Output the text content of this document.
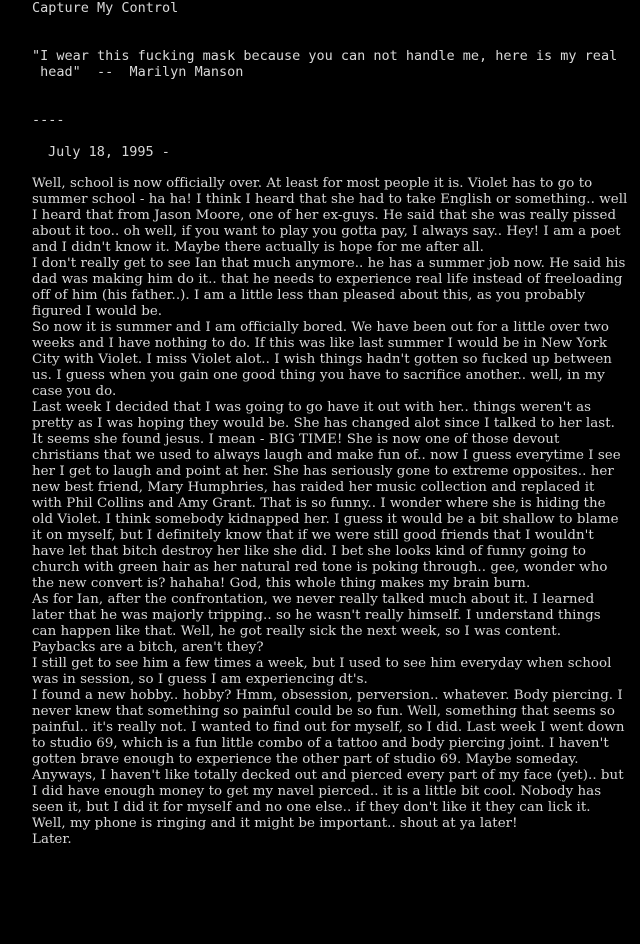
Capture My Control
"I wear this fucking mask because you can not handle me, here is my real
head"  --  Marilyn Manson
----
July 18, 1995 -

Well, school is now officially over. At least for most people it is. Violet has to go to summer school - ha ha! I think I heard that she had to take English or something.. well I heard that from Jason Moore, one of her ex-guys. He said that she was really pissed about it too.. oh well, if you want to play you gotta pay, I always say.. Hey! I am a poet and I didn't know it. Maybe there actually is hope for me after all.

I don't really get to see Ian that much anymore.. he has a summer job now. He said his dad was making him do it.. that he needs to experience real life instead of freeloading off of him (his father..). I am a little less than pleased about this, as you probably figured I would be.

So now it is summer and I am officially bored. We have been out for a little over two weeks and I have nothing to do. If this was like last summer I would be in New York City with Violet. I miss Violet alot.. I wish things hadn't gotten so fucked up between us. I guess when you gain one good thing you have to sacrifice another.. well, in my case you do.

Last week I decided that I was going to go have it out with her.. things weren't as pretty as I was hoping they would be. She has changed alot since I talked to her last. It seems she found jesus. I mean - BIG TIME! She is now one of those devout christians that we used to always laugh and make fun of.. now I guess everytime I see her I get to laugh and point at her. She has seriously gone to extreme opposites.. her new best friend, Mary Humphries, has raided her music collection and replaced it with Phil Collins and Amy Grant. That is so funny.. I wonder where she is hiding the old Violet. I think somebody kidnapped her. I guess it would be a bit shallow to blame it on myself, but I definitely know that if we were still good friends that I wouldn't have let that bitch destroy her like she did. I bet she looks kind of funny going to church with green hair as her natural red tone is poking through.. gee, wonder who the new convert is? hahaha! God, this whole thing makes my brain burn.

As for Ian, after the confrontation, we never really talked much about it. I learned later that he was majorly tripping.. so he wasn't really himself. I understand things can happen like that. Well, he got really sick the next week, so I was content. Paybacks are a bitch, aren't they?

I still get to see him a few times a week, but I used to see him everyday when school was in session, so I guess I am experiencing dt's.

I found a new hobby.. hobby? Hmm, obsession, perversion.. whatever. Body piercing. I never knew that something so painful could be so fun. Well, something that seems so painful.. it's really not. I wanted to find out for myself, so I did. Last week I went down to studio 69, which is a fun little combo of a tattoo and body piercing joint. I haven't gotten brave enough to experience the other part of studio 69. Maybe someday.

Anyways, I haven't like totally decked out and pierced every part of my face (yet).. but I did have enough money to get my navel pierced.. it is a little bit cool. Nobody has seen it, but I did it for myself and no one else.. if they don't like it they can lick it.

Well, my phone is ringing and it might be important.. shout at ya later!

Later.
